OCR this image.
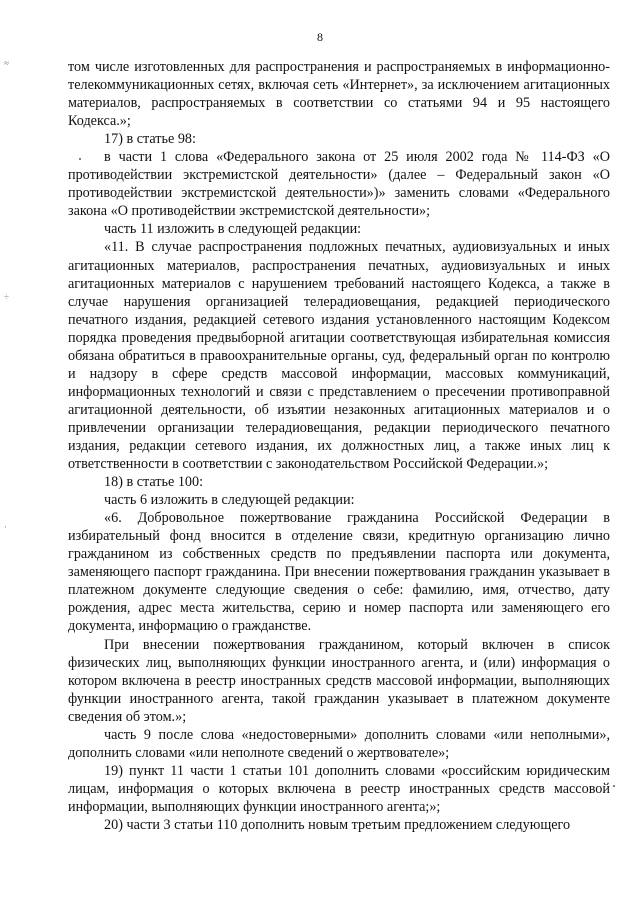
8
≈
÷
·

том числе изготовленных для распространения и распространяемых в информационно-телекоммуникационных сетях, включая сеть «Интернет», за исключением агитационных материалов, распространяемых в соответствии со статьями 94 и 95 настоящего Кодекса.»;

17) в статье 98:

в части 1 слова «Федерального закона от 25 июля 2002 года № 114-ФЗ «О противодействии экстремистской деятельности» (далее – Федеральный закон «О противодействии экстремистской деятельности»)» заменить словами «Федерального закона «О противодействии экстремистской деятельности»;

часть 11 изложить в следующей редакции:

«11. В случае распространения подложных печатных, аудиовизуальных и иных агитационных материалов, распространения печатных, аудиовизуальных и иных агитационных материалов с нарушением требований настоящего Кодекса, а также в случае нарушения организацией телерадиовещания, редакцией периодического печатного издания, редакцией сетевого издания установленного настоящим Кодексом порядка проведения предвыборной агитации соответствующая избирательная комиссия обязана обратиться в правоохранительные органы, суд, федеральный орган по контролю и надзору в сфере средств массовой информации, массовых коммуникаций, информационных технологий и связи с представлением о пресечении противоправной агитационной деятельности, об изъятии незаконных агитационных материалов и о привлечении организации телерадиовещания, редакции периодического печатного издания, редакции сетевого издания, их должностных лиц, а также иных лиц к ответственности в соответствии с законодательством Российской Федерации.»;

18) в статье 100:

часть 6 изложить в следующей редакции:

«6. Добровольное пожертвование гражданина Российской Федерации в избирательный фонд вносится в отделение связи, кредитную организацию лично гражданином из собственных средств по предъявлении паспорта или документа, заменяющего паспорт гражданина. При внесении пожертвования гражданин указывает в платежном документе следующие сведения о себе: фамилию, имя, отчество, дату рождения, адрес места жительства, серию и номер паспорта или заменяющего его документа, информацию о гражданстве.

При внесении пожертвования гражданином, который включен в список физических лиц, выполняющих функции иностранного агента, и (или) информация о котором включена в реестр иностранных средств массовой информации, выполняющих функции иностранного агента, такой гражданин указывает в платежном документе сведения об этом.»;

часть 9 после слова «недостоверными» дополнить словами «или неполными», дополнить словами «или неполноте сведений о жертвователе»;

19) пункт 11 части 1 статьи 101 дополнить словами «российским юридическим лицам, информация о которых включена в реестр иностранных средств массовой информации, выполняющих функции иностранного агента;»;

20) части 3 статьи 110 дополнить новым третьим предложением следующего
